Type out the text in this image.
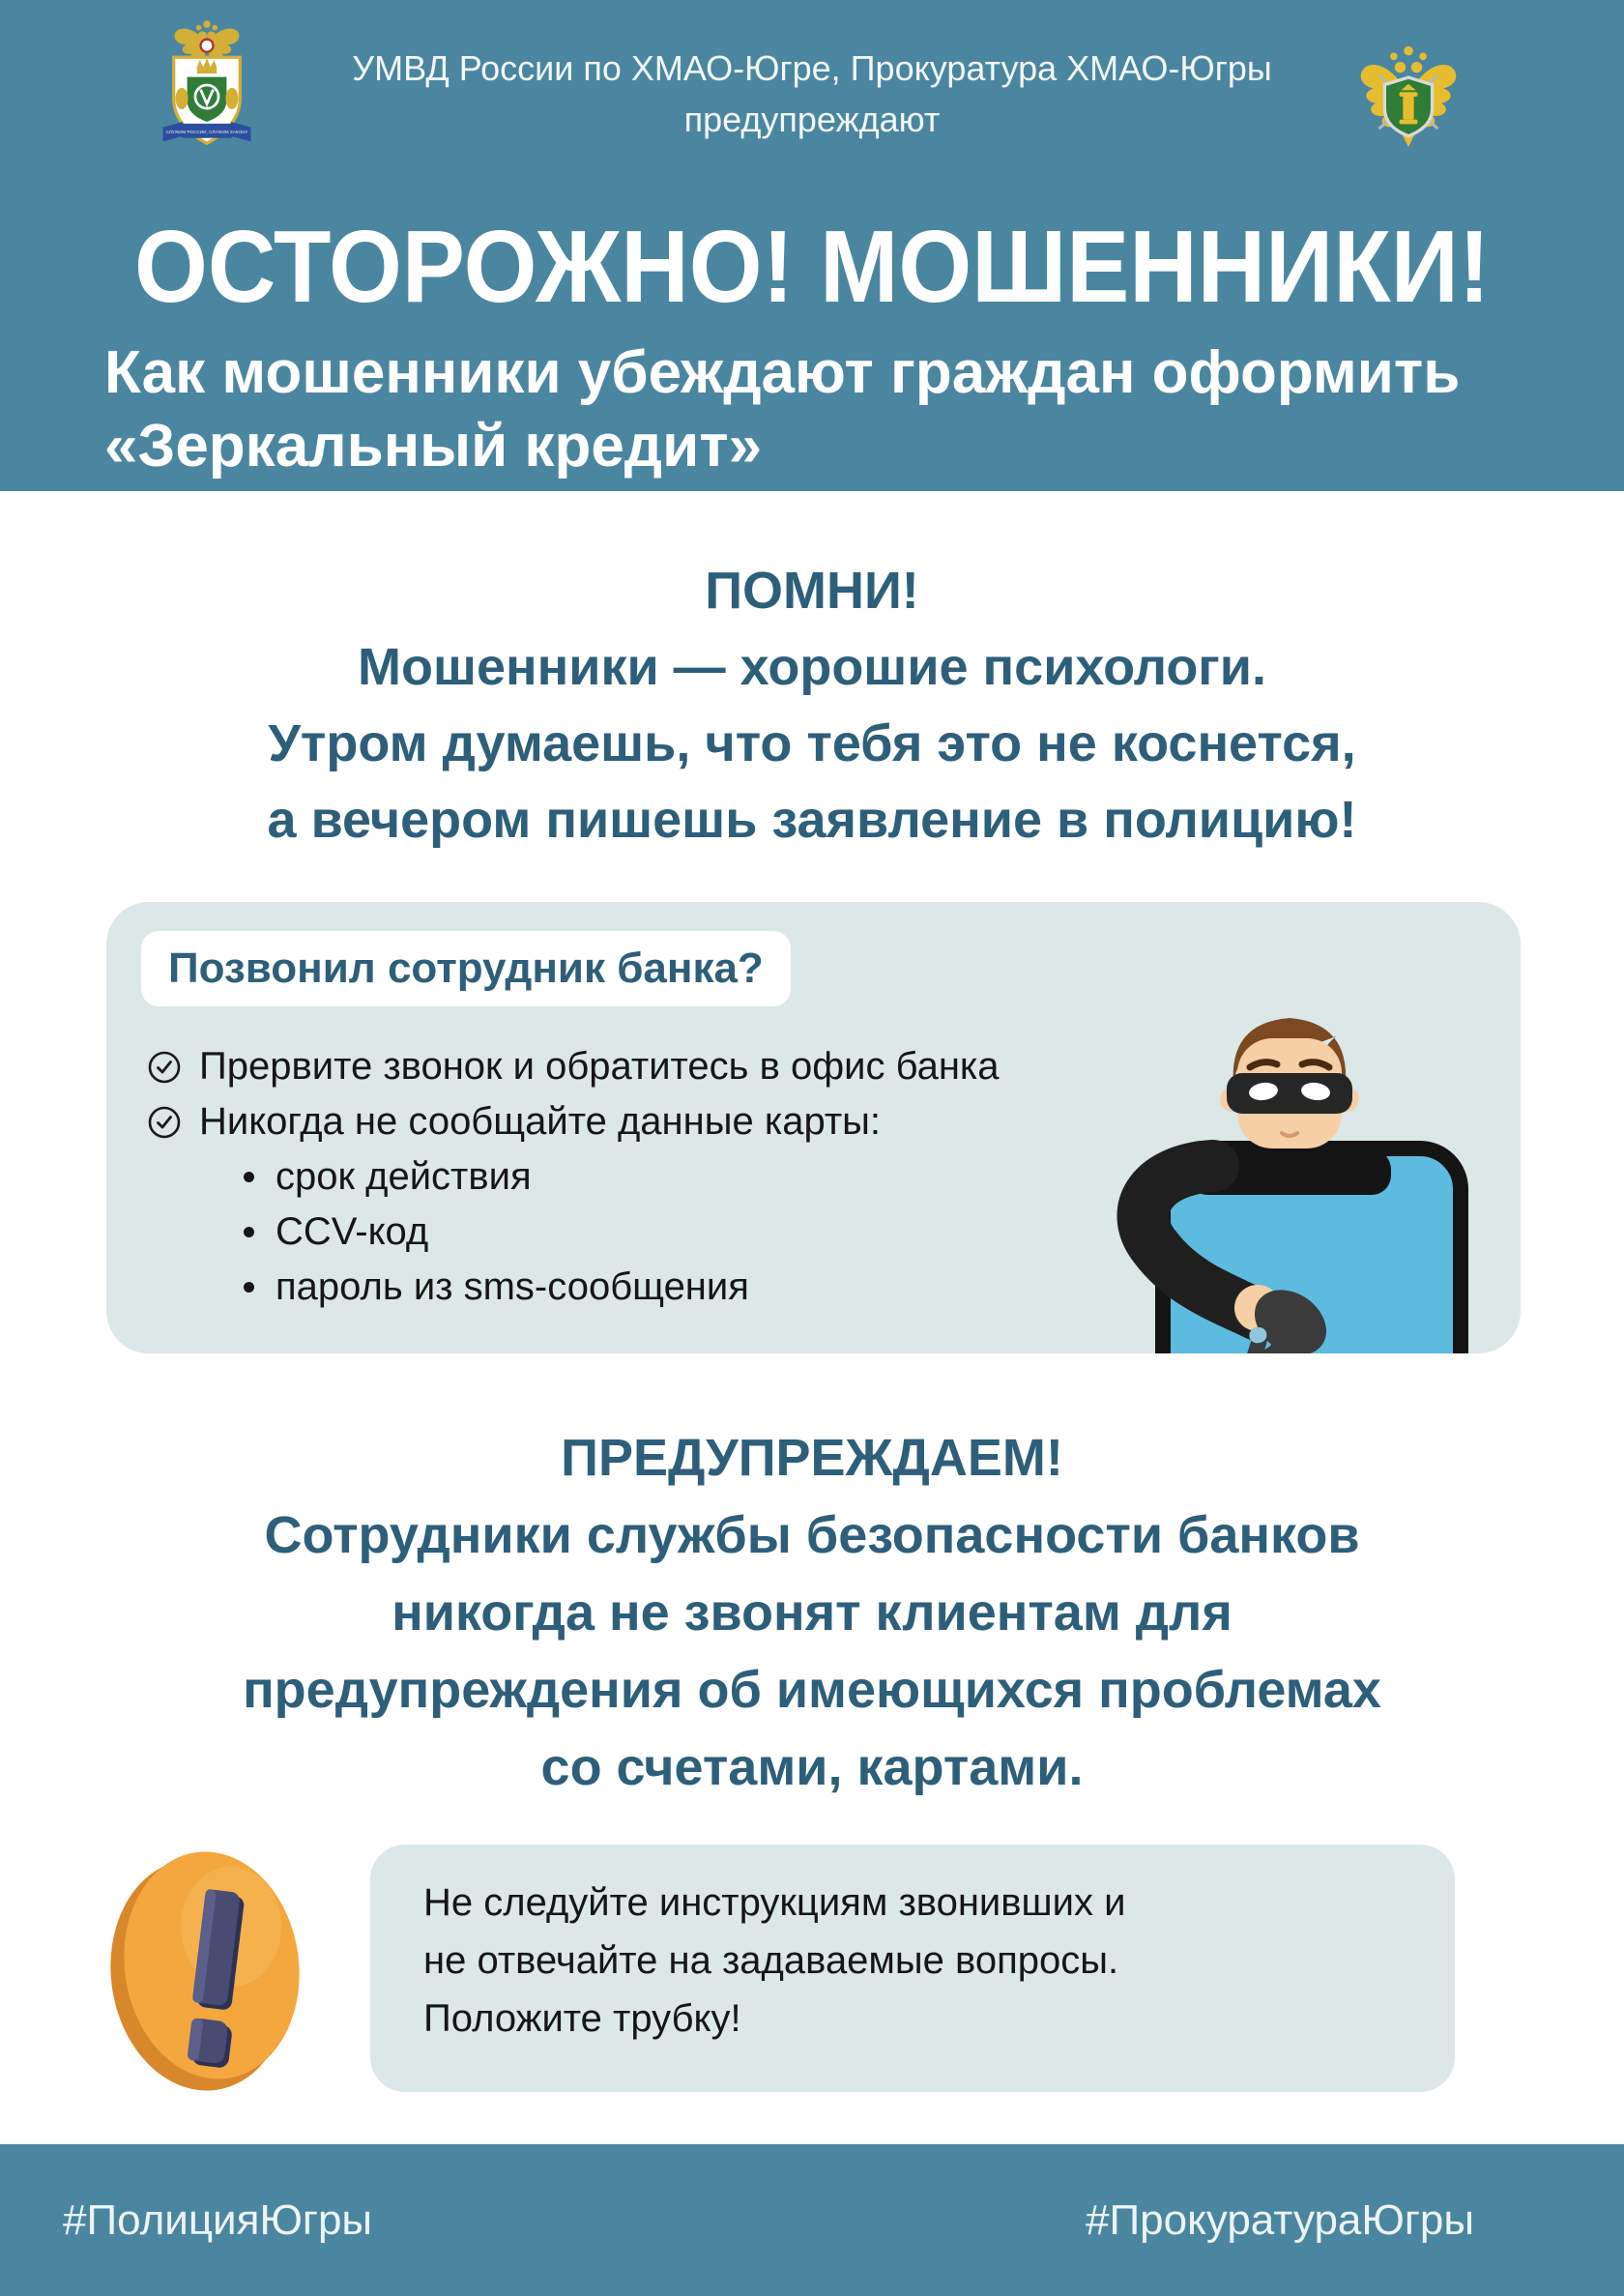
СЛУЖИМ РОССИИ, СЛУЖИМ ЗАКОНУ
УМВД России по ХМАО-Югре, Прокуратура ХМАО-Югры
предупреждают
ОСТОРОЖНО! МОШЕННИКИ!
Как мошенники убеждают граждан оформить
«Зеркальный кредит»
ПОМНИ!
Мошенники — хорошие психологи.
Утром думаешь, что тебя это не коснется,
а вечером пишешь заявление в полицию!
Позвонил сотрудник банка?
Прервите звонок и обратитесь в офис банка
Никогда не сообщайте данные карты:
срок действия
CCV-код
пароль из sms-сообщения
ПРЕДУПРЕЖДАЕМ!
Сотрудники службы безопасности банков
никогда не звонят клиентам для
предупреждения об имеющихся проблемах
со счетами, картами.
Не следуйте инструкциям звонивших и
не отвечайте на задаваемые вопросы.
Положите трубку!
#ПолицияЮгры	#ПрокуратураЮгры
